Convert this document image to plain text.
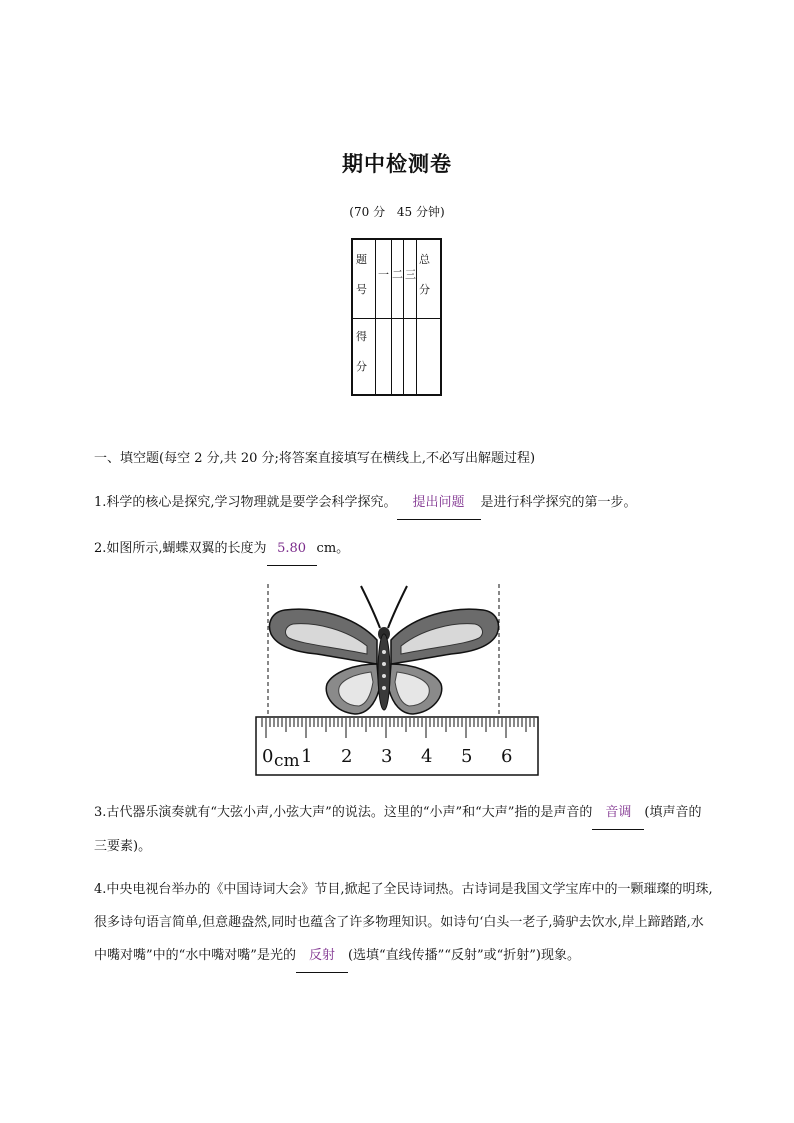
期中检测卷
(70 分 45 分钟)
题
号
一 二 三
总
分
得
分
一、填空题(每空 2 分,共 20 分;将答案直接填写在横线上,不必写出解题过程)
1.科学的核心是探究,学习物理就是要学会科学探究。 提出问题 是进行科学探究的第一步。
2.如图所示,蝴蝶双翼的长度为 5.80 cm。
0 1 2 3 4 5 6
cm
3.古代器乐演奏就有“大弦小声,小弦大声”的说法。这里的“小声”和“大声”指的是声音的 音调 (填声音的三要素)。
4.中央电视台举办的《中国诗词大会》节目,掀起了全民诗词热。古诗词是我国文学宝库中的一颗璀璨的明珠,很多诗句语言简单,但意趣盎然,同时也蕴含了许多物理知识。如诗句‘白头一老子,骑驴去饮水,岸上蹄踏踏,水中嘴对嘴”中的“水中嘴对嘴”是光的 反射 (选填“直线传播”“反射”或“折射”)现象。
